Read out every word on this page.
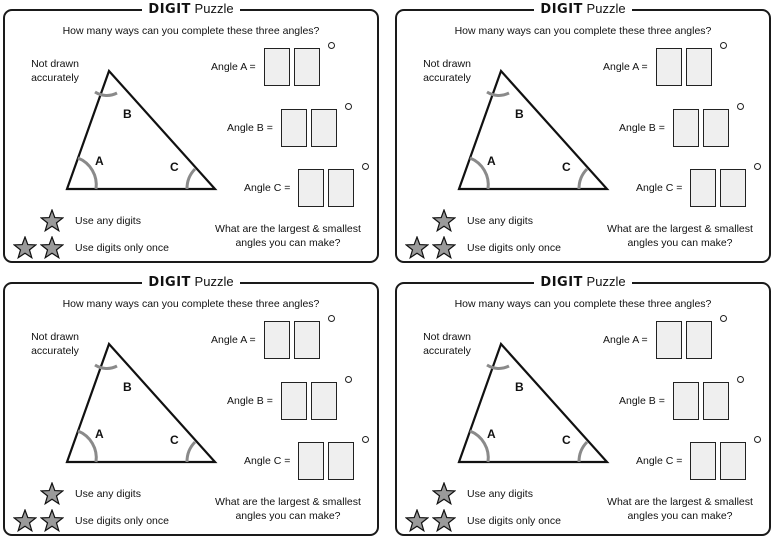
DIGIT Puzzle
How many ways can you complete these three angles?
Not drawn
accurately
B
A	C
Angle A =
Angle B =
Angle C =
Use any digits
Use digits only once
What are the largest & smallest
angles you can make?
DIGIT Puzzle
How many ways can you complete these three angles?
Not drawn
accurately
B
A	C
Angle A =
Angle B =
Angle C =
Use any digits
Use digits only once
What are the largest & smallest
angles you can make?
DIGIT Puzzle
How many ways can you complete these three angles?
Not drawn
accurately
B
A	C
Angle A =
Angle B =
Angle C =
Use any digits
Use digits only once
What are the largest & smallest
angles you can make?
DIGIT Puzzle
How many ways can you complete these three angles?
Not drawn
accurately
B
A	C
Angle A =
Angle B =
Angle C =
Use any digits
Use digits only once
What are the largest & smallest
angles you can make?
